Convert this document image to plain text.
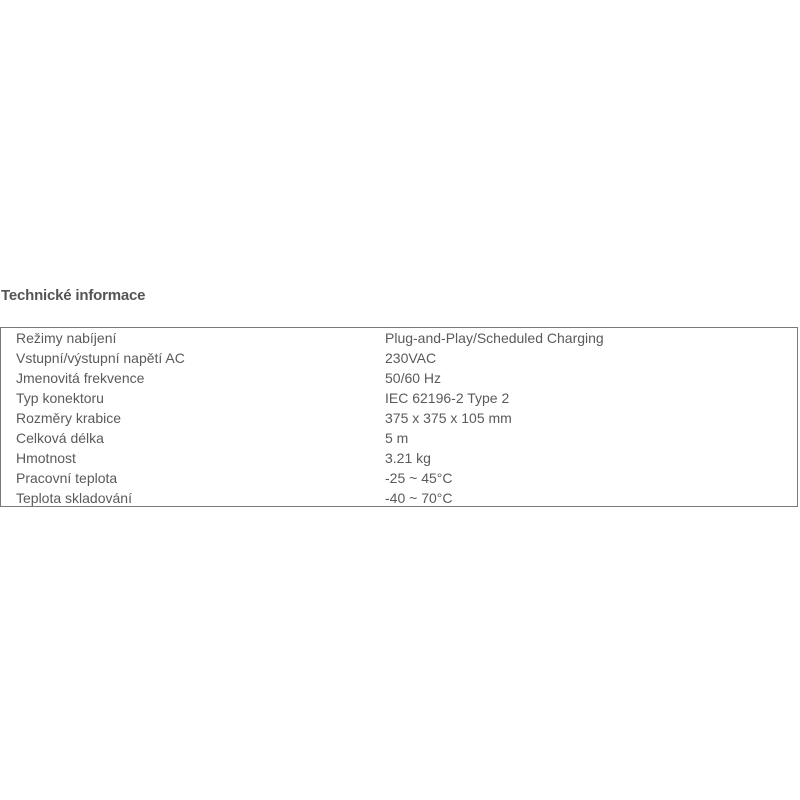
Technické informace
Režimy nabíjení	Plug-and-Play/Scheduled Charging
Vstupní/výstupní napětí AC	230VAC
Jmenovitá frekvence	50/60 Hz
Typ konektoru	IEC 62196-2 Type 2
Rozměry krabice	375 x 375 x 105 mm
Celková délka	5 m
Hmotnost	3.21 kg
Pracovní teplota	-25 ~ 45°C
Teplota skladování	-40 ~ 70°C
